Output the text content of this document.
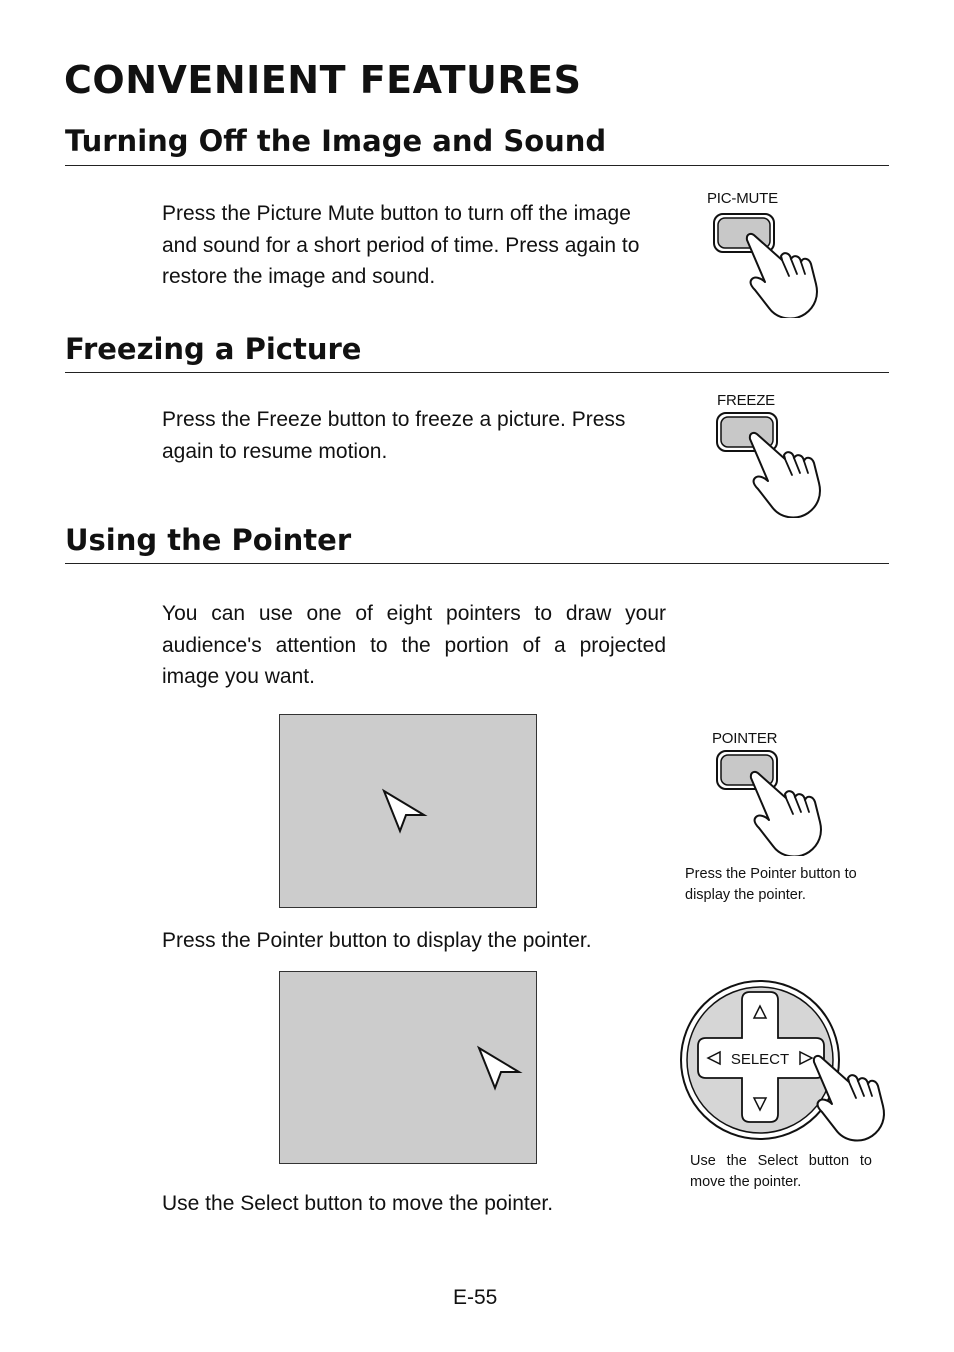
CONVENIENT FEATURES
Turning Off the Image and Sound

Press the Picture Mute button to turn off the image and sound for a short period of time. Press again to restore the image and sound.

PIC-MUTE
Freezing a Picture

Press the Freeze button to freeze a picture. Press again to resume motion.

FREEZE
Using the Pointer

You can use one of eight pointers to draw your audience's attention to the portion of a projected image you want.

Press the Pointer button to display the pointer.

POINTER
Press the Pointer button to display the pointer.

Use the Select button to move the pointer.

SELECT
Use the Select button to move the pointer.
E-55
